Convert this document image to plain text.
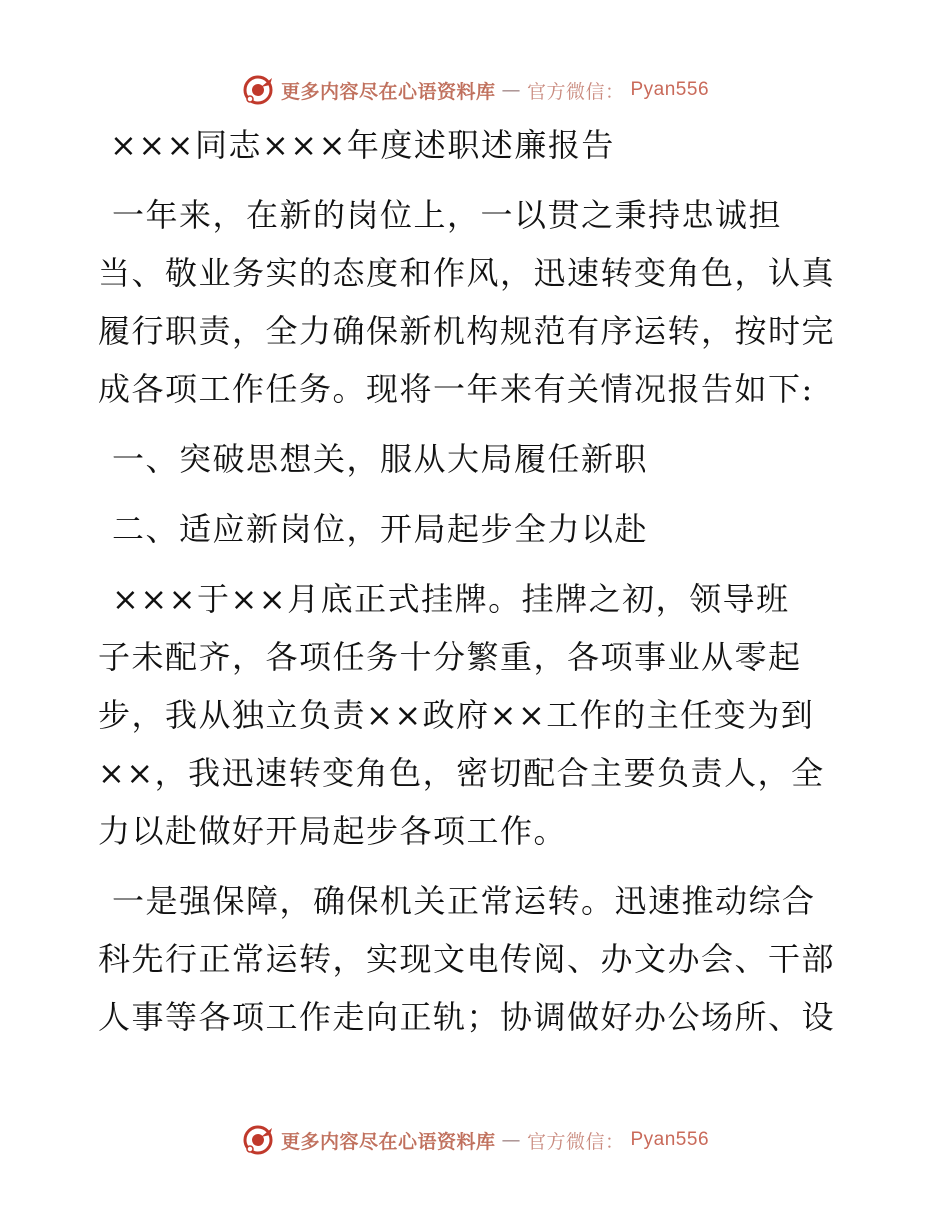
更多内容尽在心语资料库 — 官方微信： Pyan556
×××同志×××年度述职述廉报告
一年来，在新的岗位上，一以贯之秉持忠诚担
当、敬业务实的态度和作风，迅速转变角色，认真
履行职责，全力确保新机构规范有序运转，按时完
成各项工作任务。现将一年来有关情况报告如下:
一、突破思想关，服从大局履任新职
二、适应新岗位，开局起步全力以赴
×××于××月底正式挂牌。挂牌之初，领导班
子未配齐，各项任务十分繁重，各项事业从零起
步，我从独立负责××政府××工作的主任变为到
××，我迅速转变角色，密切配合主要负责人，全
力以赴做好开局起步各项工作。
一是强保障，确保机关正常运转。迅速推动综合
科先行正常运转，实现文电传阅、办文办会、干部
人事等各项工作走向正轨；协调做好办公场所、设
更多内容尽在心语资料库 — 官方微信： Pyan556
